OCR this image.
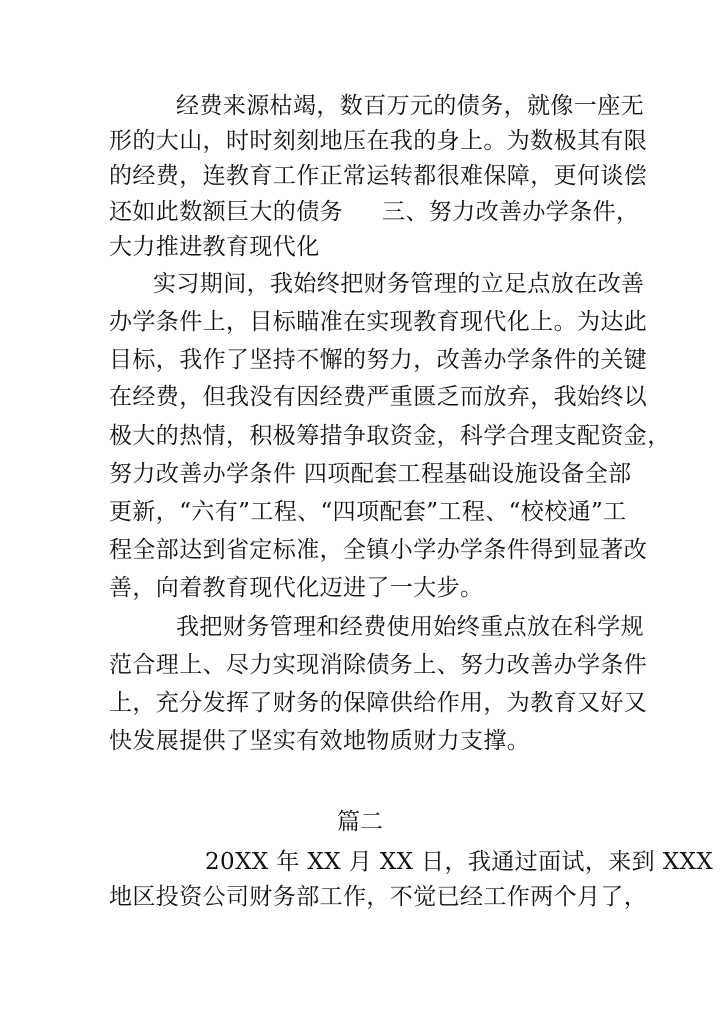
经费来源枯竭，数百万元的债务，就像一座无
形的大山，时时刻刻地压在我的身上。为数极其有限
的经费，连教育工作正常运转都很难保障，更何谈偿
还如此数额巨大的债务	三、努力改善办学条件，
大力推进教育现代化
实习期间，我始终把财务管理的立足点放在改善
办学条件上，目标瞄准在实现教育现代化上。为达此
目标，我作了坚持不懈的努力，改善办学条件的关键
在经费，但我没有因经费严重匮乏而放弃，我始终以
极大的热情，积极筹措争取资金，科学合理支配资金，
努力改善办学条件 四项配套工程基础设施设备全部
更新，“六有”工程、“四项配套”工程、“校校通”工
程全部达到省定标准，全镇小学办学条件得到显著改
善，向着教育现代化迈进了一大步。
我把财务管理和经费使用始终重点放在科学规
范合理上、尽力实现消除债务上、努力改善办学条件
上，充分发挥了财务的保障供给作用，为教育又好又
快发展提供了坚实有效地物质财力支撑。
篇二
20XX 年 XX 月 XX 日，我通过面试，来到 XXX
地区投资公司财务部工作，不觉已经工作两个月了，
